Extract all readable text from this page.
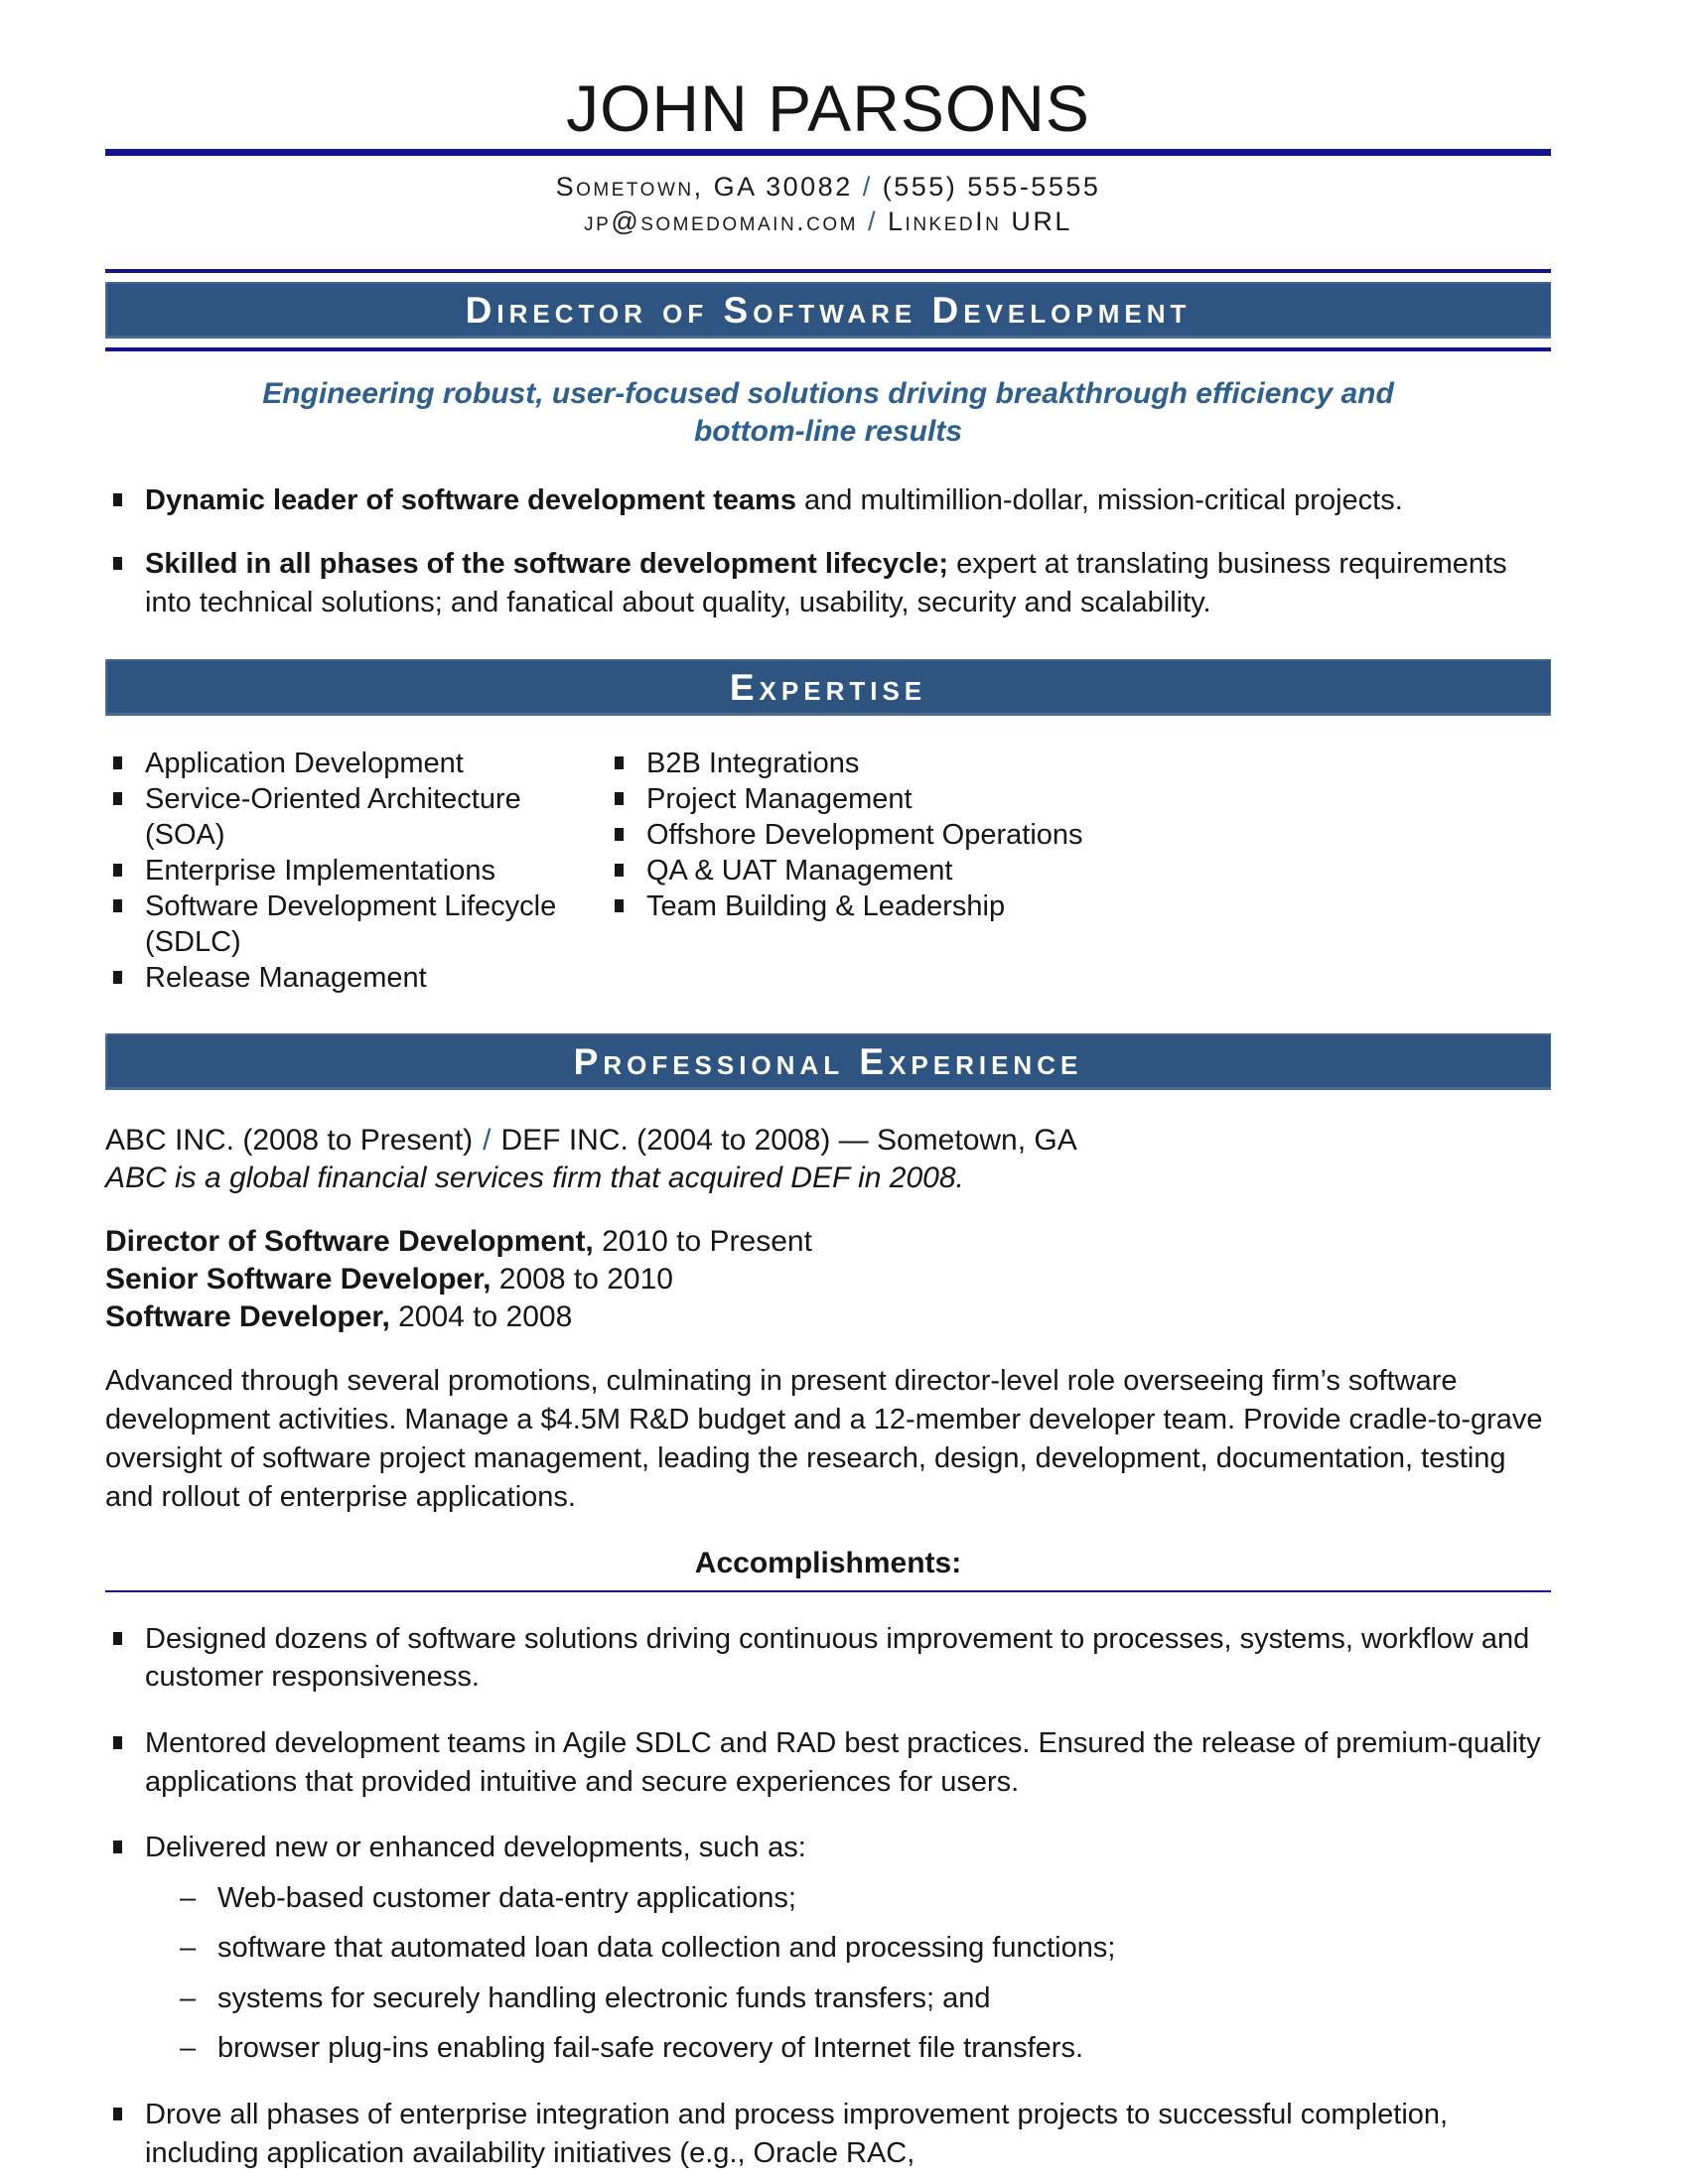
JOHN PARSONS
Sometown, GA 30082 / (555) 555-5555
jp@somedomain.com / LinkedIn URL
Director of Software Development

Engineering robust, user-focused solutions driving breakthrough efficiency and bottom-line results

Dynamic leader of software development teams and multimillion-dollar, mission-critical projects.
Skilled in all phases of the software development lifecycle; expert at translating business requirements into technical solutions; and fanatical about quality, usability, security and scalability.
Expertise
Application Development
Service-Oriented Architecture (SOA)
Enterprise Implementations
Software Development Lifecycle (SDLC)
Release Management
B2B Integrations
Project Management
Offshore Development Operations
QA & UAT Management
Team Building & Leadership
Professional Experience
ABC INC. (2008 to Present) / DEF INC. (2004 to 2008) — Sometown, GA
ABC is a global financial services firm that acquired DEF in 2008.
Director of Software Development, 2010 to Present
Senior Software Developer, 2008 to 2010
Software Developer, 2004 to 2008

Advanced through several promotions, culminating in present director-level role overseeing firm’s software development activities. Manage a $4.5M R&D budget and a 12-member developer team. Provide cradle-to-grave oversight of software project management, leading the research, design, development, documentation, testing and rollout of enterprise applications.

Accomplishments:
Designed dozens of software solutions driving continuous improvement to processes, systems, workflow and customer responsiveness.
Mentored development teams in Agile SDLC and RAD best practices. Ensured the release of premium-quality applications that provided intuitive and secure experiences for users.
Delivered new or enhanced developments, such as:
– Web-based customer data-entry applications;
– software that automated loan data collection and processing functions;
– systems for securely handling electronic funds transfers; and
– browser plug-ins enabling fail-safe recovery of Internet file transfers.
Drove all phases of enterprise integration and process improvement projects to successful completion, including application availability initiatives (e.g., Oracle RAC,
